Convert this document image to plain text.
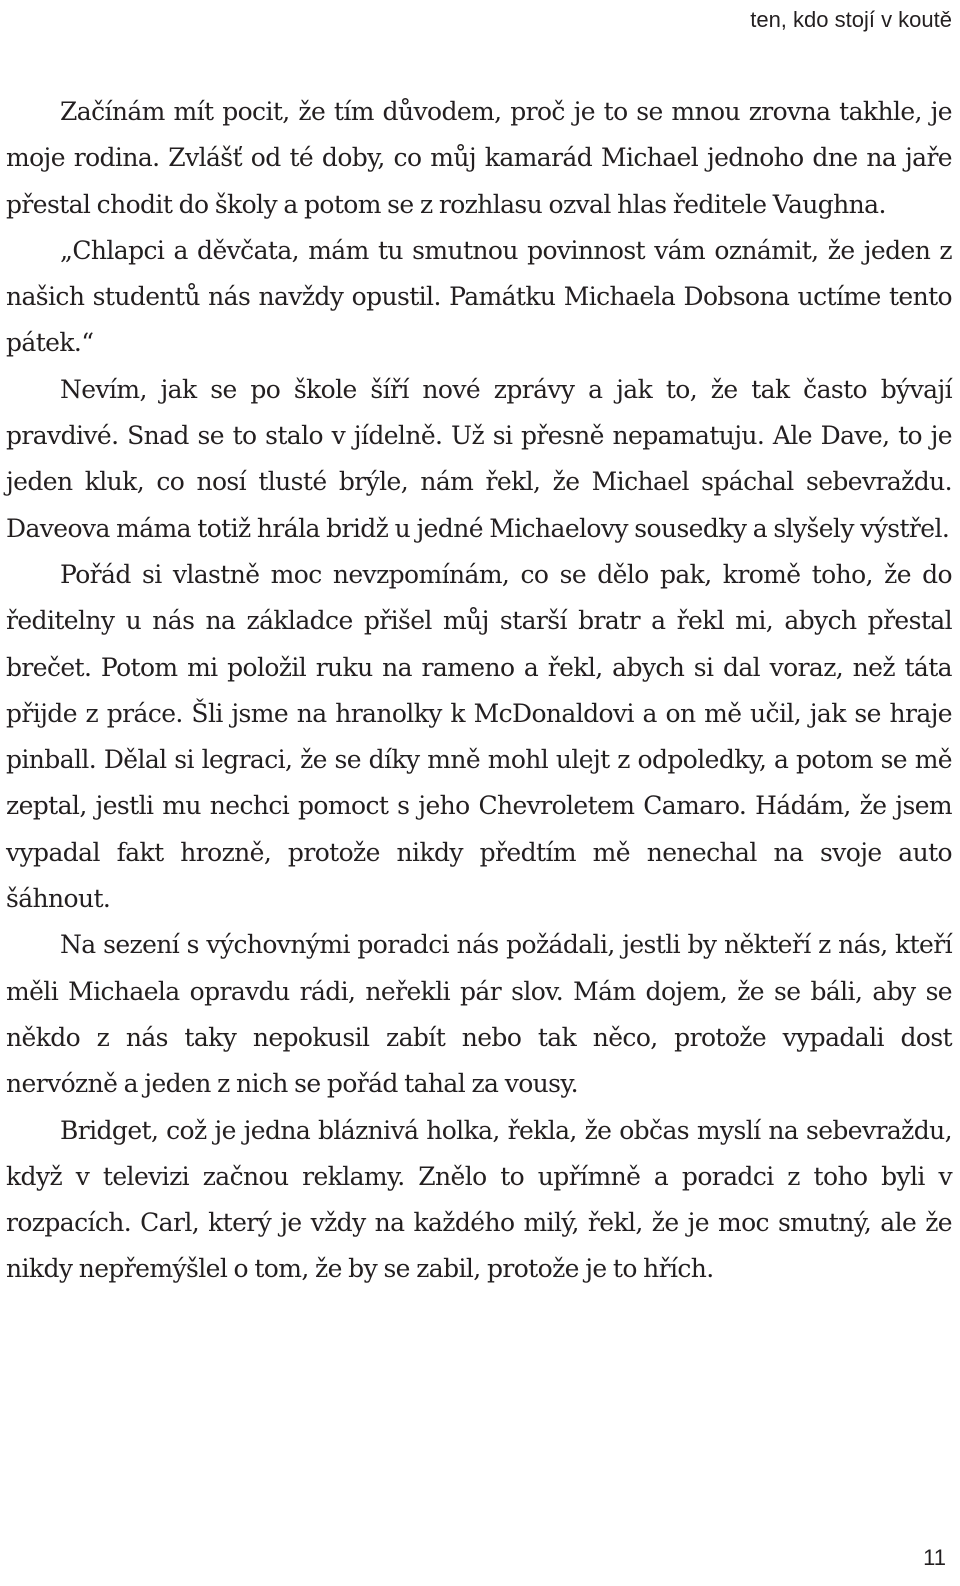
ten, kdo stojí v koutě

Začínám mít pocit, že tím důvodem, proč je to se mnou zrovna takhle, je moje rodina. Zvlášť od té doby, co můj kamarád Michael jednoho dne na jaře přestal chodit do školy a potom se z rozhlasu ozval hlas ředitele Vaughna.

„Chlapci a děvčata, mám tu smutnou povinnost vám oznámit, že jeden z našich studentů nás navždy opustil. Památku Michaela Dobsona uctíme tento pátek.“

Nevím, jak se po škole šíří nové zprávy a jak to, že tak často bývají pravdivé. Snad se to stalo v jídelně. Už si přesně nepamatuju. Ale Dave, to je jeden kluk, co nosí tlusté brýle, nám řekl, že Michael spáchal sebevraždu. Daveova máma totiž hrála bridž u jedné Michaelovy sousedky a slyšely výstřel.

Pořád si vlastně moc nevzpomínám, co se dělo pak, kromě toho, že do ředitelny u nás na základce přišel můj starší bratr a řekl mi, abych přestal brečet. Potom mi položil ruku na rameno a řekl, abych si dal voraz, než táta přijde z práce. Šli jsme na hranolky k McDonaldovi a on mě učil, jak se hraje pinball. Dělal si legraci, že se díky mně mohl ulejt z odpoledky, a potom se mě zeptal, jestli mu nechci pomoct s jeho Chevroletem Camaro. Hádám, že jsem vypadal fakt hrozně, protože nikdy předtím mě nenechal na svoje auto šáhnout.

Na sezení s výchovnými poradci nás požádali, jestli by někteří z nás, kteří měli Michaela opravdu rádi, neřekli pár slov. Mám dojem, že se báli, aby se někdo z nás taky nepokusil zabít nebo tak něco, protože vypadali dost nervózně a jeden z nich se pořád tahal za vousy.

Bridget, což je jedna bláznivá holka, řekla, že občas myslí na sebevraždu, když v televizi začnou reklamy. Znělo to upřímně a poradci z toho byli v rozpacích. Carl, který je vždy na každého milý, řekl, že je moc smutný, ale že nikdy nepřemýšlel o tom, že by se zabil, protože je to hřích.

11
